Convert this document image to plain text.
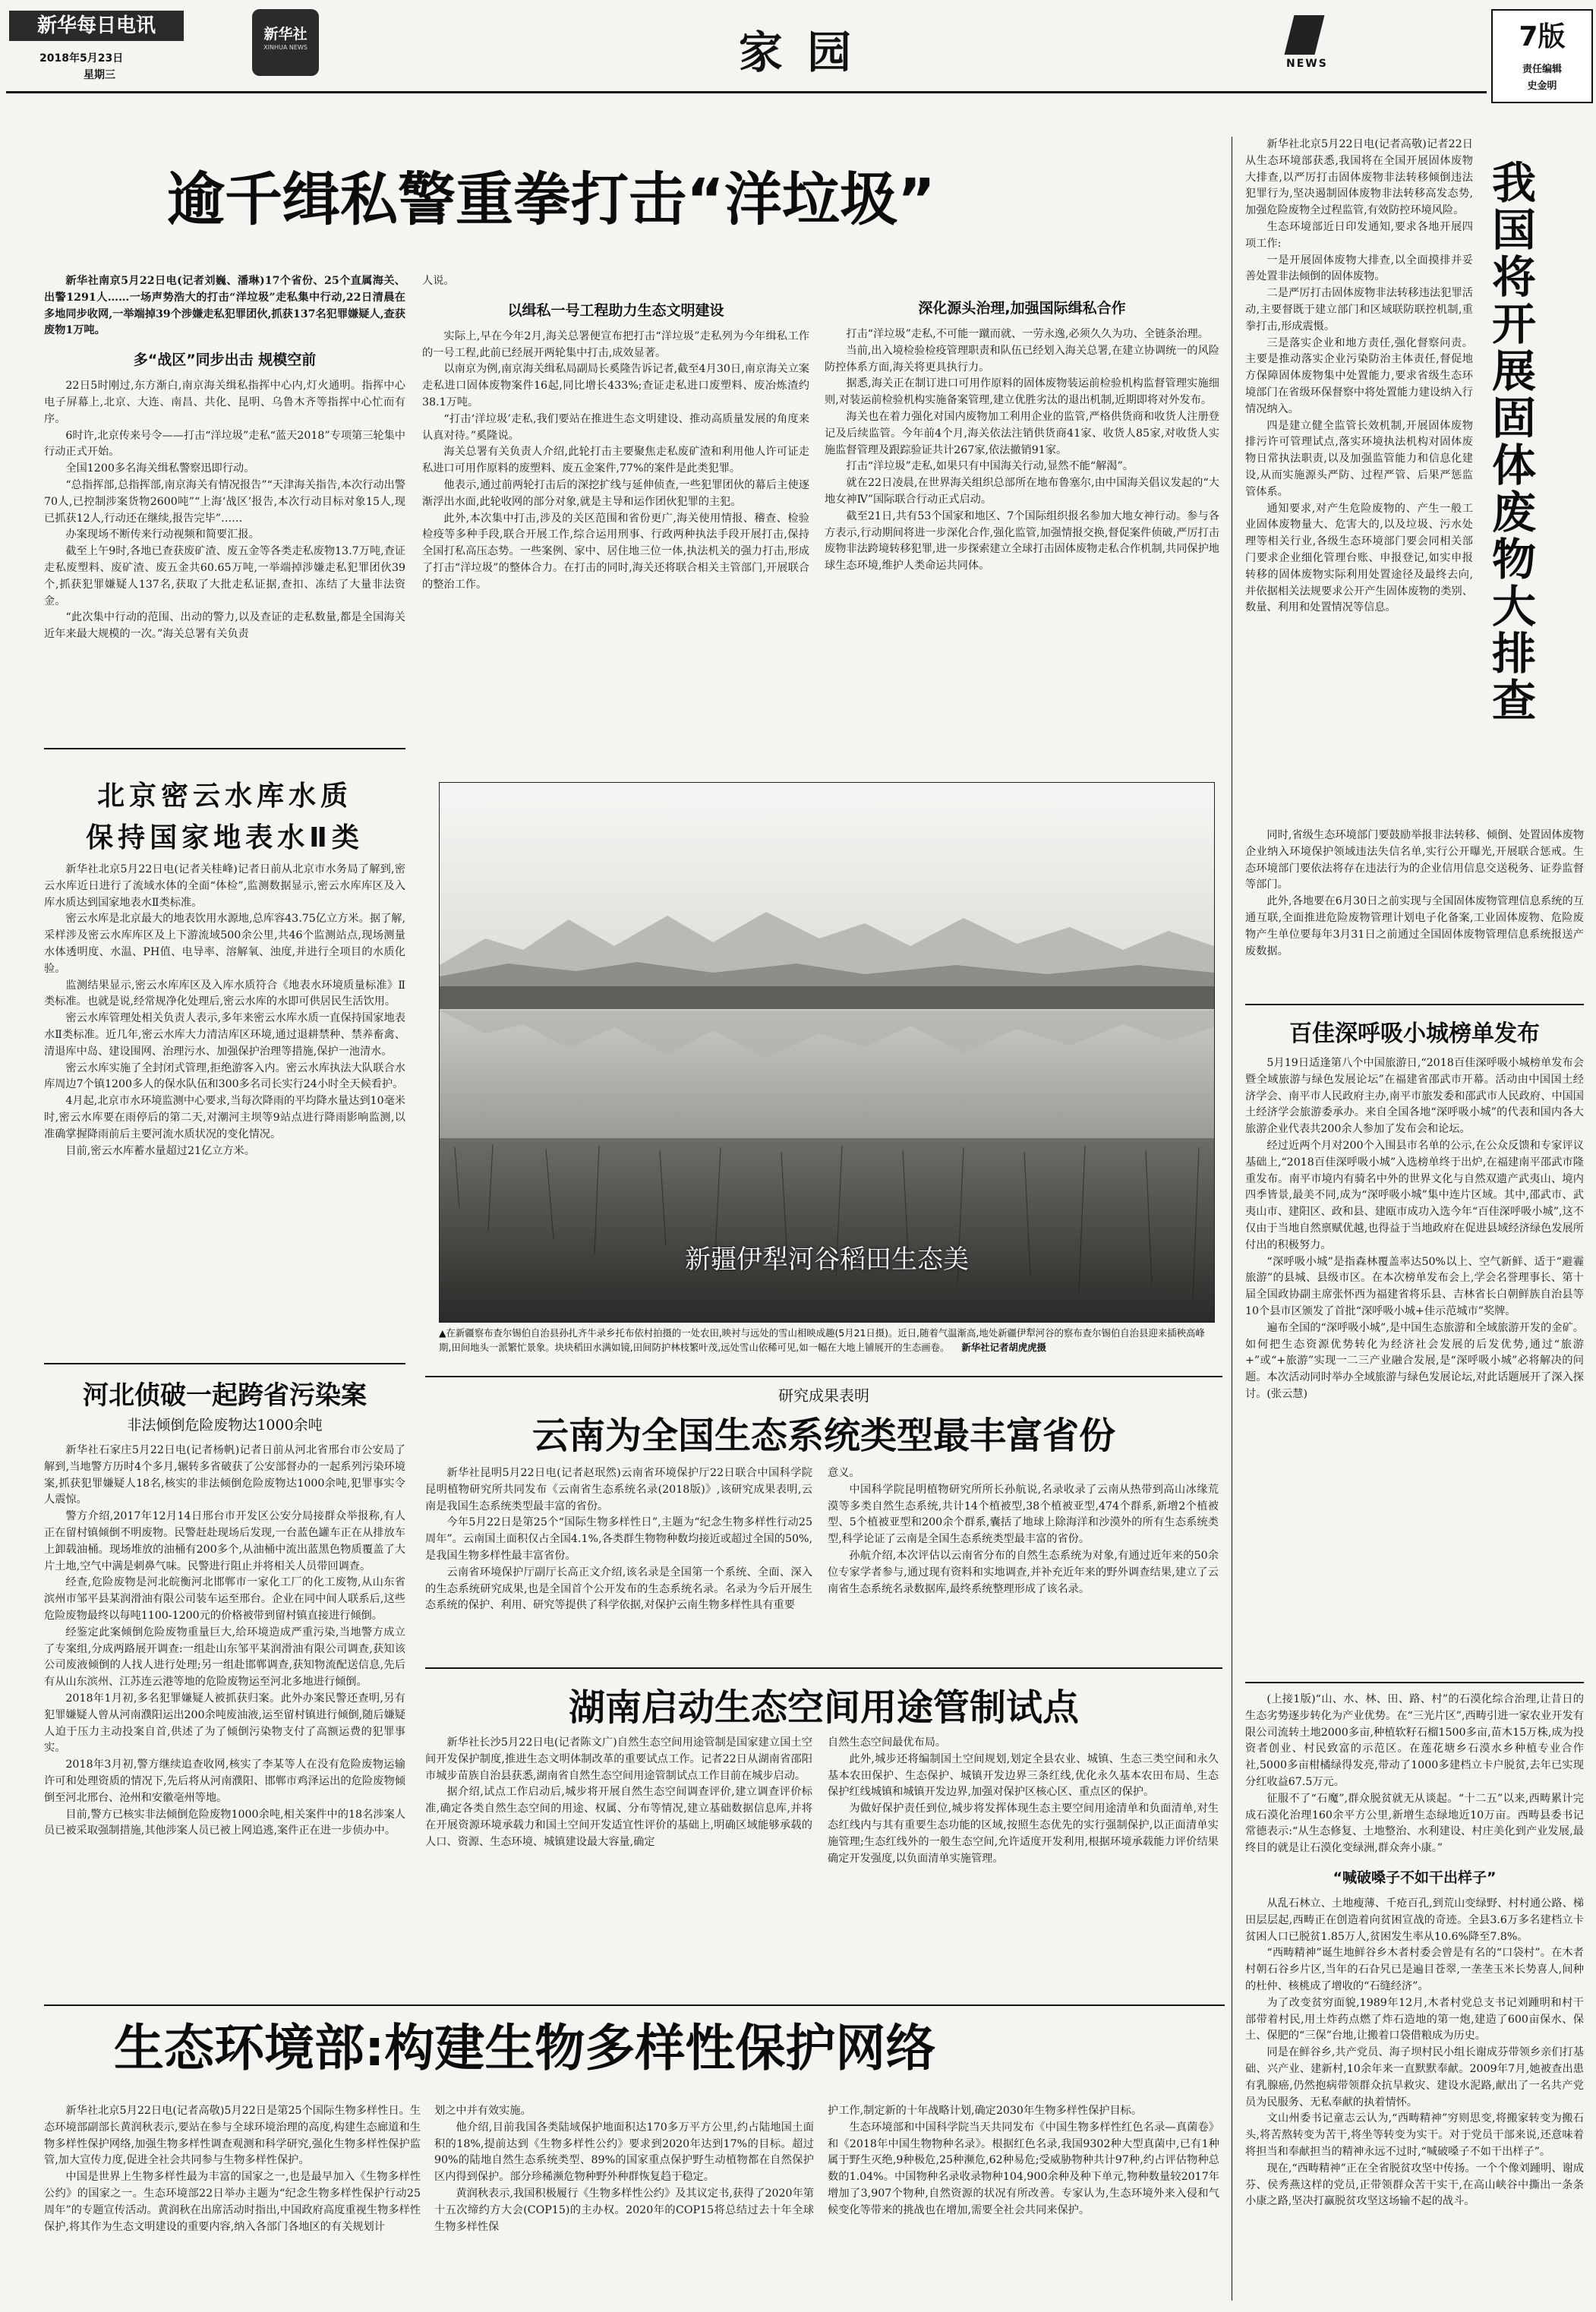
新华每日电讯
2018年5月23日
星期三
新华社
XINHUA NEWS	家 园	NEWS
7版
责任编辑
史金明
逾千缉私警重拳打击“洋垃圾”

新华社南京5月22日电(记者刘巍、潘琳)17个省份、25个直属海关、出警1291人……一场声势浩大的打击“洋垃圾”走私集中行动,22日清晨在多地同步收网,一举端掉39个涉嫌走私犯罪团伙,抓获137名犯罪嫌疑人,查获废物1万吨。

多“战区”同步出击 规模空前

22日5时刚过,东方渐白,南京海关缉私指挥中心内,灯火通明。指挥中心电子屏幕上,北京、大连、南昌、共化、昆明、乌鲁木齐等指挥中心忙而有序。

6时许,北京传来号令——打击“洋垃圾”走私“蓝天2018”专项第三轮集中行动正式开始。

全国1200多名海关缉私警察迅即行动。

“总指挥部,总指挥部,南京海关有情况报告”“天津海关指告,本次行动出警70人,已控制涉案货物2600吨”“上海‘战区’报告,本次行动目标对象15人,现已抓获12人,行动还在继续,报告完毕”……

办案现场不断传来行动视频和简要汇报。

截至上午9时,各地已查获废矿渣、废五金等各类走私废物13.7万吨,查证走私废塑料、废矿渣、废五金共60.65万吨,一举端掉涉嫌走私犯罪团伙39个,抓获犯罪嫌疑人137名,获取了大批走私证据,查扣、冻结了大量非法资金。

“此次集中行动的范围、出动的警力,以及查证的走私数量,都是全国海关近年来最大规模的一次。”海关总署有关负责

人说。

以缉私一号工程助力生态文明建设

实际上,早在今年2月,海关总署便宣布把打击“洋垃圾”走私列为今年缉私工作的一号工程,此前已经展开两轮集中打击,成效显著。

以南京为例,南京海关缉私局副局长奚隆告诉记者,截至4月30日,南京海关立案走私进口固体废物案件16起,同比增长433%;查证走私进口废塑料、废冶炼渣约38.1万吨。

“打击‘洋垃圾’走私,我们要站在推进生态文明建设、推动高质量发展的角度来认真对待。”奚隆说。

海关总署有关负责人介绍,此轮打击主要聚焦走私废矿渣和利用他人许可证走私进口可用作原料的废塑料、废五金案件,77%的案件是此类犯罪。

他表示,通过前两轮打击后的深挖扩线与延伸侦查,一些犯罪团伙的幕后主使逐渐浮出水面,此轮收网的部分对象,就是主导和运作团伙犯罪的主犯。

此外,本次集中打击,涉及的关区范围和省份更广,海关使用情报、稽查、检验检疫等多种手段,联合开展工作,综合运用刑事、行政两种执法手段开展打击,保持全国打私高压态势。一些案例、家中、居住地三位一体,执法机关的强力打击,形成了打击“洋垃圾”的整体合力。在打击的同时,海关还将联合相关主管部门,开展联合的整治工作。

深化源头治理,加强国际缉私合作

打击“洋垃圾”走私,不可能一蹴而就、一劳永逸,必须久久为功、全链条治理。

当前,出入境检验检疫管理职责和队伍已经划入海关总署,在建立协调统一的风险防控体系方面,海关将更具执行力。

据悉,海关正在制订进口可用作原料的固体废物装运前检验机构监督管理实施细则,对装运前检验机构实施备案管理,建立优胜劣汰的退出机制,近期即将对外发布。

海关也在着力强化对国内废物加工利用企业的监管,严格供货商和收货人注册登记及后续监管。今年前4个月,海关依法注销供货商41家、收货人85家,对收货人实施监督管理及跟踪验证共计267家,依法撤销91家。

打击“洋垃圾”走私,如果只有中国海关行动,显然不能“解渴”。

就在22日凌晨,在世界海关组织总部所在地布鲁塞尔,由中国海关倡议发起的“大地女神Ⅳ”国际联合行动正式启动。

截至21日,共有53个国家和地区、7个国际组织报名参加大地女神行动。参与各方表示,行动期间将进一步深化合作,强化监管,加强情报交换,督促案件侦破,严厉打击废物非法跨境转移犯罪,进一步探索建立全球打击固体废物走私合作机制,共同保护地球生态环境,维护人类命运共同体。

北京密云水库水质
保持国家地表水Ⅱ类

新华社北京5月22日电(记者关桂峰)记者日前从北京市水务局了解到,密云水库近日进行了流域水体的全面“体检”,监测数据显示,密云水库库区及入库水质达到国家地表水Ⅱ类标准。

密云水库是北京最大的地表饮用水源地,总库容43.75亿立方米。据了解,采样涉及密云水库库区及上下游流域500余公里,共46个监测站点,现场测量水体透明度、水温、PH值、电导率、溶解氧、浊度,并进行全项目的水质化验。

监测结果显示,密云水库库区及入库水质符合《地表水环境质量标准》Ⅱ类标准。也就是说,经常规净化处理后,密云水库的水即可供居民生活饮用。

密云水库管理处相关负责人表示,多年来密云水库水质一直保持国家地表水Ⅱ类标准。近几年,密云水库大力清洁库区环境,通过退耕禁种、禁养畜禽、清退库中岛、建设围网、治理污水、加强保护治理等措施,保护一池清水。

密云水库实施了全封闭式管理,拒绝游客入内。密云水库执法大队联合水库周边7个镇1200多人的保水队伍和300多名司长实行24小时全天候看护。

4月起,北京市水环境监测中心要求,当每次降雨的平均降水量达到10毫米时,密云水库要在雨停后的第二天,对潮河主坝等9站点进行降雨影响监测,以准确掌握降雨前后主要河流水质状况的变化情况。

目前,密云水库蓄水量超过21亿立方米。

河北侦破一起跨省污染案
非法倾倒危险废物达1000余吨

新华社石家庄5月22日电(记者杨帆)记者日前从河北省邢台市公安局了解到,当地警方历时4个多月,辗转多省破获了公安部督办的一起系列污染环境案,抓获犯罪嫌疑人18名,核实的非法倾倒危险废物达1000余吨,犯罪事实令人震惊。

警方介绍,2017年12月14日邢台市开发区公安分局接群众举报称,有人正在留村镇倾倒不明废物。民警赶赴现场后发现,一台蓝色罐车正在从排放车上卸载油桶。现场堆放的油桶有200多个,从油桶中流出蓝黑色物质覆盖了大片土地,空气中满是刺鼻气味。民警进行阻止并将相关人员带回调查。

经查,危险废物是河北皖衡河北邯郸市一家化工厂的化工废物,从山东省滨州市邹平县某润滑油有限公司装车运至邢台。企业在同中间人联系后,这些危险废物最终以每吨1100-1200元的价格被带到留村镇直接进行倾倒。

经鉴定此案倾倒危险废物重量巨大,给环境造成严重污染,当地警方成立了专案组,分成两路展开调查:一组赴山东邹平某润滑油有限公司调查,获知该公司废液倾倒的人找人进行处理;另一组赴邯郸调查,获知物流配送信息,先后有从山东滨州、江苏连云港等地的危险废物运至河北多地进行倾倒。

2018年1月初,多名犯罪嫌疑人被抓获归案。此外办案民警还查明,另有犯罪嫌疑人曾从河南濮阳运出200余吨废油液,运至留村镇进行倾倒,随后嫌疑人迫于压力主动投案自首,供述了为了倾倒污染物支付了高额运费的犯罪事实。

2018年3月初,警方继续追查收网,核实了李某等人在没有危险废物运输许可和处理资质的情况下,先后将从河南濮阳、邯郸市鸡泽运出的危险废物倾倒至河北邢台、沧州和安徽亳州等地。

目前,警方已核实非法倾倒危险废物1000余吨,相关案件中的18名涉案人员已被采取强制措施,其他涉案人员已被上网追逃,案件正在进一步侦办中。

新疆伊犁河谷稻田生态美
▲在新疆察布查尔锡伯自治县孙扎齐牛录乡托布依村拍摄的一处农田,映衬与远处的雪山相映成趣(5月21日摄)。近日,随着气温渐高,地处新疆伊犁河谷的察布查尔锡伯自治县迎来插秧高峰期,田间地头一派繁忙景象。块块稻田水满如镜,田间防护林枝繁叶茂,远处雪山依稀可见,如一幅在大地上铺展开的生态画卷。 新华社记者胡虎虎摄
研究成果表明
云南为全国生态系统类型最丰富省份

新华社昆明5月22日电(记者赵珉然)云南省环境保护厅22日联合中国科学院昆明植物研究所共同发布《云南省生态系统名录(2018版)》,该研究成果表明,云南是我国生态系统类型最丰富的省份。

今年5月22日是第25个“国际生物多样性日”,主题为“纪念生物多样性行动25周年”。云南国土面积仅占全国4.1%,各类群生物物种数均接近或超过全国的50%,是我国生物多样性最丰富省份。

云南省环境保护厅副厅长高正文介绍,该名录是全国第一个系统、全面、深入的生态系统研究成果,也是全国首个公开发布的生态系统名录。名录为今后开展生态系统的保护、利用、研究等提供了科学依据,对保护云南生物多样性具有重要

意义。

中国科学院昆明植物研究所所长孙航说,名录收录了云南从热带到高山冰缘荒漠等多类自然生态系统,共计14个植被型,38个植被亚型,474个群系,新增2个植被型、5个植被亚型和200余个群系,囊括了地球上除海洋和沙漠外的所有生态系统类型,科学论证了云南是全国生态系统类型最丰富的省份。

孙航介绍,本次评估以云南省分布的自然生态系统为对象,有通过近年来的50余位专家学者参与,通过现有资料和实地调查,并补充近年来的野外调查结果,建立了云南省生态系统名录数据库,最终系统整理形成了该名录。

湖南启动生态空间用途管制试点

新华社长沙5月22日电(记者陈文广)自然生态空间用途管制是国家建立国土空间开发保护制度,推进生态文明体制改革的重要试点工作。记者22日从湖南省邵阳市城步苗族自治县获悉,湖南省自然生态空间用途管制试点工作目前在城步启动。

据介绍,试点工作启动后,城步将开展自然生态空间调查评价,建立调查评价标准,确定各类自然生态空间的用途、权属、分布等情况,建立基础数据信息库,并将在开展资源环境承载力和国土空间开发适宜性评价的基础上,明确区域能够承载的人口、资源、生态环境、城镇建设最大容量,确定

自然生态空间最优布局。

此外,城步还将编制国土空间规划,划定全县农业、城镇、生态三类空间和永久基本农田保护、生态保护、城镇开发边界三条红线,优化永久基本农田布局、生态保护红线城镇和城镇开发边界,加强对保护区核心区、重点区的保护。

为做好保护责任到位,城步将发挥体现生态主要空间用途清单和负面清单,对生态红线内与其有重要生态功能的区域,按照生态优先的实行强制保护,以正面清单实施管理;生态红线外的一般生态空间,允许适度开发利用,根据环境承载能力评价结果确定开发强度,以负面清单实施管理。

生态环境部:构建生物多样性保护网络

新华社北京5月22日电(记者高敬)5月22日是第25个国际生物多样性日。生态环境部副部长黄润秋表示,要站在参与全球环境治理的高度,构建生态廊道和生物多样性保护网络,加强生物多样性调查观测和科学研究,强化生物多样性保护监管,加大宣传力度,促进全社会共同参与生物多样性保护。

中国是世界上生物多样性最为丰富的国家之一,也是最早加入《生物多样性公约》的国家之一。生态环境部22日举办主题为“纪念生物多样性保护行动25周年”的专题宣传活动。黄润秋在出席活动时指出,中国政府高度重视生物多样性保护,将其作为生态文明建设的重要内容,纳入各部门各地区的有关规划计

划之中并有效实施。

他介绍,目前我国各类陆域保护地面积达170多万平方公里,约占陆地国土面积的18%,提前达到《生物多样性公约》要求到2020年达到17%的目标。超过90%的陆地自然生态系统类型、89%的国家重点保护野生动植物都在自然保护区内得到保护。部分珍稀濒危物种野外种群恢复趋于稳定。

黄润秋表示,我国积极履行《生物多样性公约》及其议定书,获得了2020年第十五次缔约方大会(COP15)的主办权。2020年的COP15将总结过去十年全球生物多样性保

护工作,制定新的十年战略计划,确定2030年生物多样性保护目标。

生态环境部和中国科学院当天共同发布《中国生物多样性红色名录—真菌卷》和《2018年中国生物物种名录》。根据红色名录,我国9302种大型真菌中,已有1种属于野生灭绝,9种极危,25种濒危,62种易危;受威胁物种共计97种,约占评估物种总数的1.04%。中国物种名录收录物种104,900余种及种下单元,物种数量较2017年增加了3,907个物种,自然资源的状况有所改善。专家认为,生态环境外来入侵和气候变化等带来的挑战也在增加,需要全社会共同来保护。

新华社北京5月22日电(记者高敬)记者22日从生态环境部获悉,我国将在全国开展固体废物大排查,以严厉打击固体废物非法转移倾倒违法犯罪行为,坚决遏制固体废物非法转移高发态势,加强危险废物全过程监管,有效防控环境风险。

生态环境部近日印发通知,要求各地开展四项工作:

一是开展固体废物大排查,以全面摸排并妥善处置非法倾倒的固体废物。

二是严厉打击固体废物非法转移违法犯罪活动,主要督既于建立部门和区域联防联控机制,重拳打击,形成震慑。

三是落实企业和地方责任,强化督察问责。主要是推动落实企业污染防治主体责任,督促地方保障固体废物集中处置能力,要求省级生态环境部门在省级环保督察中将处置能力建设纳入行情况纳入。

四是建立健全监管长效机制,开展固体废物排污许可管理试点,落实环境执法机构对固体废物日常执法职责,以及加强监管能力和信息化建设,从而实施源头严防、过程严管、后果严惩监管体系。

通知要求,对产生危险废物的、产生一般工业固体废物量大、危害大的,以及垃圾、污水处理等相关行业,各级生态环境部门要会同相关部门要求企业细化管理台账、申报登记,如实申报转移的固体废物实际利用处置途径及最终去向,并依据相关法规要求公开产生固体废物的类别、数量、利用和处置情况等信息。	我国将开展固体废物大排查

同时,省级生态环境部门要鼓励举报非法转移、倾倒、处置固体废物企业纳入环境保护领域违法失信名单,实行公开曝光,开展联合惩戒。生态环境部门要依法将存在违法行为的企业信用信息交送税务、证券监督等部门。

此外,各地要在6月30日之前实现与全国固体废物管理信息系统的互通互联,全面推进危险废物管理计划电子化备案,工业固体废物、危险废物产生单位要每年3月31日之前通过全国固体废物管理信息系统报送产废数据。

百佳深呼吸小城榜单发布

5月19日适逢第八个中国旅游日,“2018百佳深呼吸小城榜单发布会暨全域旅游与绿色发展论坛”在福建省邵武市开幕。活动由中国国土经济学会、南平市人民政府主办,南平市旅发委和邵武市人民政府、中国国土经济学会旅游委承办。来自全国各地“深呼吸小城”的代表和国内各大旅游企业代表共200余人参加了发布会和论坛。

经过近两个月对200个入围县市名单的公示,在公众反馈和专家评议基础上,“2018百佳深呼吸小城”入选榜单终于出炉,在福建南平邵武市隆重发布。南平市境内有骑名中外的世界文化与自然双遗产武夷山、境内四季皆景,最美不同,成为“深呼吸小城”集中连片区域。其中,邵武市、武夷山市、建阳区、政和县、建瓯市成功入选今年“百佳深呼吸小城”,这不仅由于当地自然禀赋优越,也得益于当地政府在促进县域经济绿色发展所付出的积极努力。

“深呼吸小城”是指森林覆盖率达50%以上、空气新鲜、适于“避霾旅游”的县城、县级市区。在本次榜单发布会上,学会名誉理事长、第十届全国政协副主席张怀西为福建省将乐县、吉林省长白朝鲜族自治县等10个县市区颁发了首批“深呼吸小城+佳示范城市”奖牌。

遍布全国的“深呼吸小城”,是中国生态旅游和全域旅游开发的金矿。如何把生态资源优势转化为经济社会发展的后发优势,通过“旅游+”或“+旅游”实现一二三产业融合发展,是“深呼吸小城”必将解决的问题。本次活动同时举办全域旅游与绿色发展论坛,对此话题展开了深入探讨。(张云慧)

(上接1版)“山、水、林、田、路、村”的石漠化综合治理,让昔日的生态劣势逐步转化为产业优势。在“三光片区”,西畴引进一家农业开发有限公司流转土地2000多亩,种植软籽石榴1500多亩,苗木15万株,成为投资者创业、村民致富的示范区。在莲花塘乡石漠水乡种植专业合作社,5000多亩柑橘绿得发亮,带动了1000多建档立卡户脱贫,去年已实现分红收益67.5万元。

征服不了“石魔”,群众脱贫就无从谈起。“十二五”以来,西畴累计完成石漠化治理160余平方公里,新增生态绿地近10万亩。西畴县委书记常德表示:“从生态修复、土地整治、水利建设、村庄美化到产业发展,最终目的就是让石漠化变绿洲,群众奔小康。”

“喊破嗓子不如干出样子”

从乱石林立、土地瘦薄、千疮百孔,到荒山变绿野、村村通公路、梯田层层起,西畴正在创造着向贫困宣战的奇迹。全县3.6万多名建档立卡贫困人口已脱贫1.85万人,贫困发生率从10.6%降至7.8%。

“西畴精神”诞生地鲜谷乡木者村委会曾是有名的“口袋村”。在木者村朝石谷乡片区,当年的石旮旯已是遍目苍翠,一垄垄玉米长势喜人,间种的杜仲、核桃成了增收的“石缝经济”。

为了改变贫穷面貌,1989年12月,木者村党总支书记刘踵明和村干部带着村民,用土炸药点燃了炸石造地的第一炮,建造了600亩保水、保土、保肥的“三保”台地,让搬着口袋借粮成为历史。

同是在鲜谷乡,共产党员、海子坝村民小组长谢成芬带领乡亲们打基础、兴产业、建新村,10余年来一直默默奉献。2009年7月,她被查出患有乳腺癌,仍然抱病带领群众抗旱救灾、建设水泥路,献出了一名共产党员为民服务、无私奉献的执着情怀。

文山州委书记童志云认为,“西畴精神”穷则思变,将搬家转变为搬石头,将苦熬转变为苦干,将坐等转变为实干。对于党员干部来说,还意味着将担当和奉献担当的精神永远不过时,“喊破嗓子不如干出样子”。

现在,“西畴精神”正在全省脱贫攻坚中传扬。一个个像刘踵明、谢成芬、侯秀燕这样的党员,正带领群众苦干实干,在高山峡谷中撕出一条条小康之路,坚决打赢脱贫攻坚这场输不起的战斗。
